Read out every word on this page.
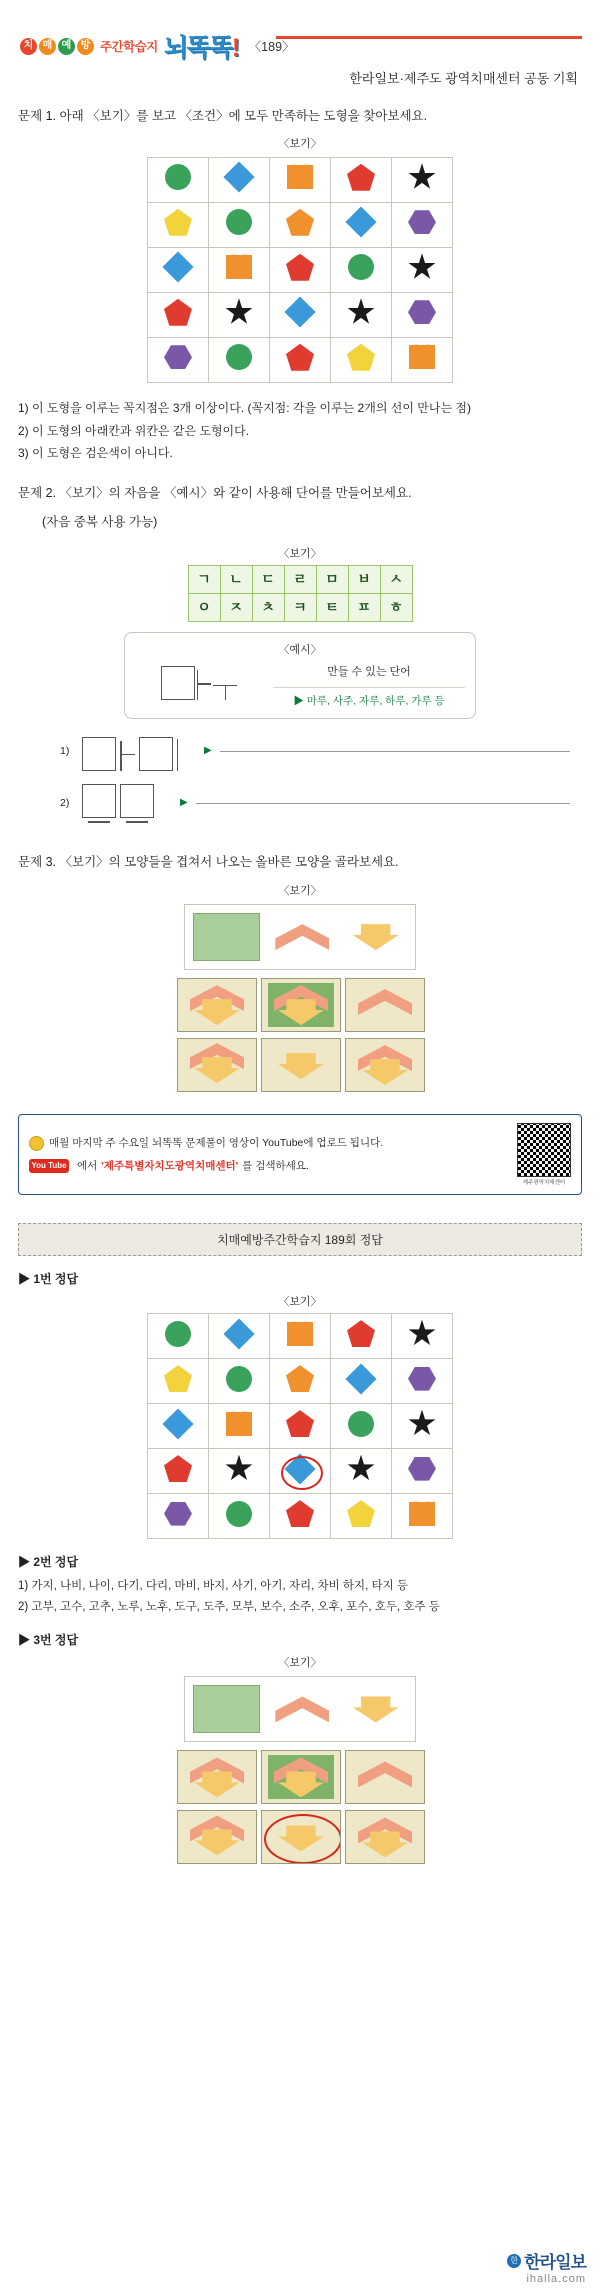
치 매 예 방 주간학습지 뇌똑똑! 〈189〉
한라일보·제주도 광역치매센터 공동 기획
문제 1. 아래 〈보기〉를 보고 〈조건〉에 모두 만족하는 도형을 찾아보세요.
〈보기〉

1) 이 도형을 이루는 꼭지점은 3개 이상이다. (꼭지점: 각을 이루는 2개의 선이 만나는 점)
2) 이 도형의 아래칸과 위칸은 같은 도형이다.
3) 이 도형은 검은색이 아니다.
문제 2. 〈보기〉의 자음을 〈예시〉와 같이 사용해 단어를 만들어보세요.
(자음 중복 사용 가능)
〈보기〉
ㄱ	ㄴ	ㄷ	ㄹ	ㅁ	ㅂ	ㅅ
ㅇ	ㅈ	ㅊ	ㅋ	ㅌ	ㅍ	ㅎ
〈예시〉
만들 수 있는 단어
▶ 마루, 사주, 자루, 하루, 가루 등
1)	▶
2)	▶
문제 3. 〈보기〉의 모양들을 겹쳐서 나오는 올바른 모양을 골라보세요.
〈보기〉
매월 마지막 주 수요일 뇌똑똑 문제풀이 영상이 YouTube에 업로드 됩니다.
You Tube 에서 '제주특별자치도광역치매센터' 를 검색하세요.
제주광역치매센터
치매예방주간학습지 189회 정답
▶ 1번 정답
〈보기〉

▶ 2번 정답
1) 가지, 나비, 나이, 다기, 다리, 마비, 바지, 사기, 아기, 자리, 차비 하지, 타지 등
2) 고부, 고수, 고추, 노루, 노후, 도구, 도주, 모부, 보수, 소주, 오후, 포수, 호두, 호주 등
▶ 3번 정답
〈보기〉
한 한라일보
ihalla.com
